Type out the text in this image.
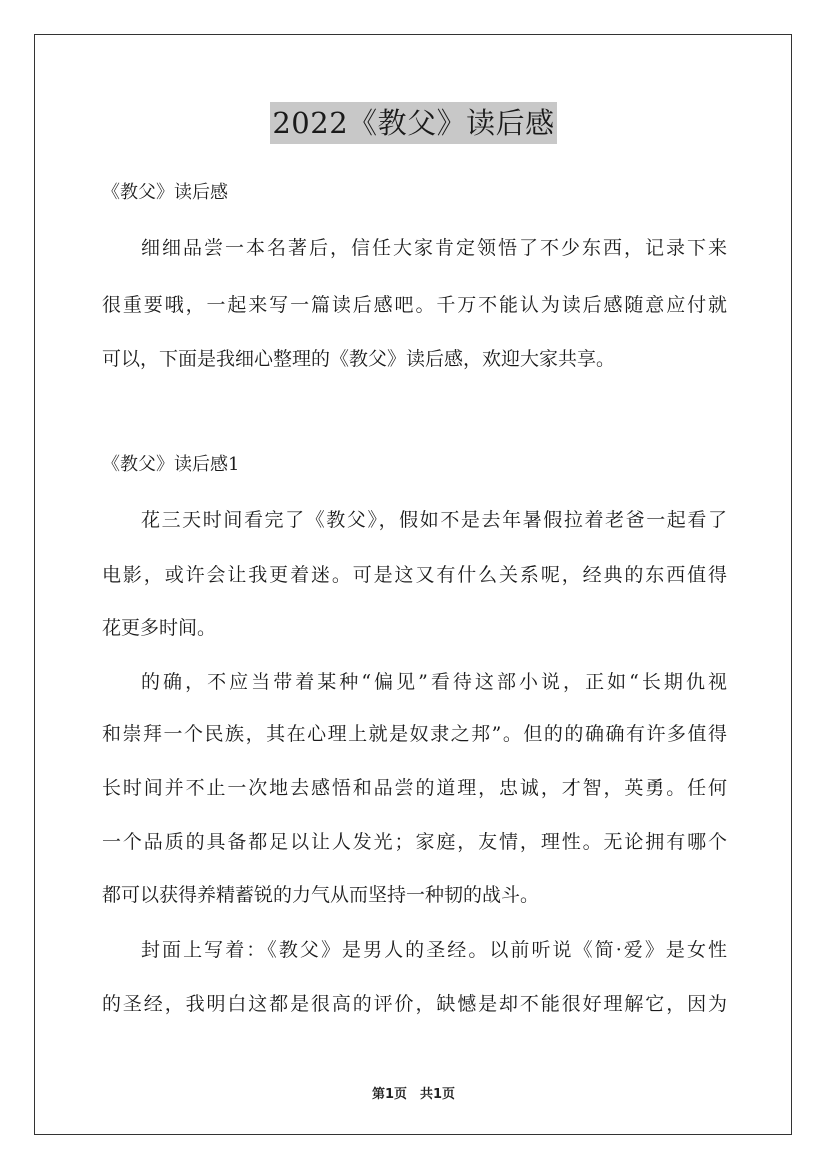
2022《教父》读后感

《教父》读后感

细细品尝一本名著后，信任大家肯定领悟了不少东西，记录下来

很重要哦，一起来写一篇读后感吧。千万不能认为读后感随意应付就

可以，下面是我细心整理的《教父》读后感，欢迎大家共享。

《教父》读后感1

花三天时间看完了《教父》，假如不是去年暑假拉着老爸一起看了

电影，或许会让我更着迷。可是这又有什么关系呢，经典的东西值得

花更多时间。

的确，不应当带着某种“偏见”看待这部小说，正如“长期仇视

和崇拜一个民族，其在心理上就是奴隶之邦”。但的的确确有许多值得

长时间并不止一次地去感悟和品尝的道理，忠诚，才智，英勇。任何

一个品质的具备都足以让人发光；家庭，友情，理性。无论拥有哪个

都可以获得养精蓄锐的力气从而坚持一种韧的战斗。

封面上写着：《教父》是男人的圣经。以前听说《简·爱》是女性

的圣经，我明白这都是很高的评价，缺憾是却不能很好理解它，因为

第1页　共1页
